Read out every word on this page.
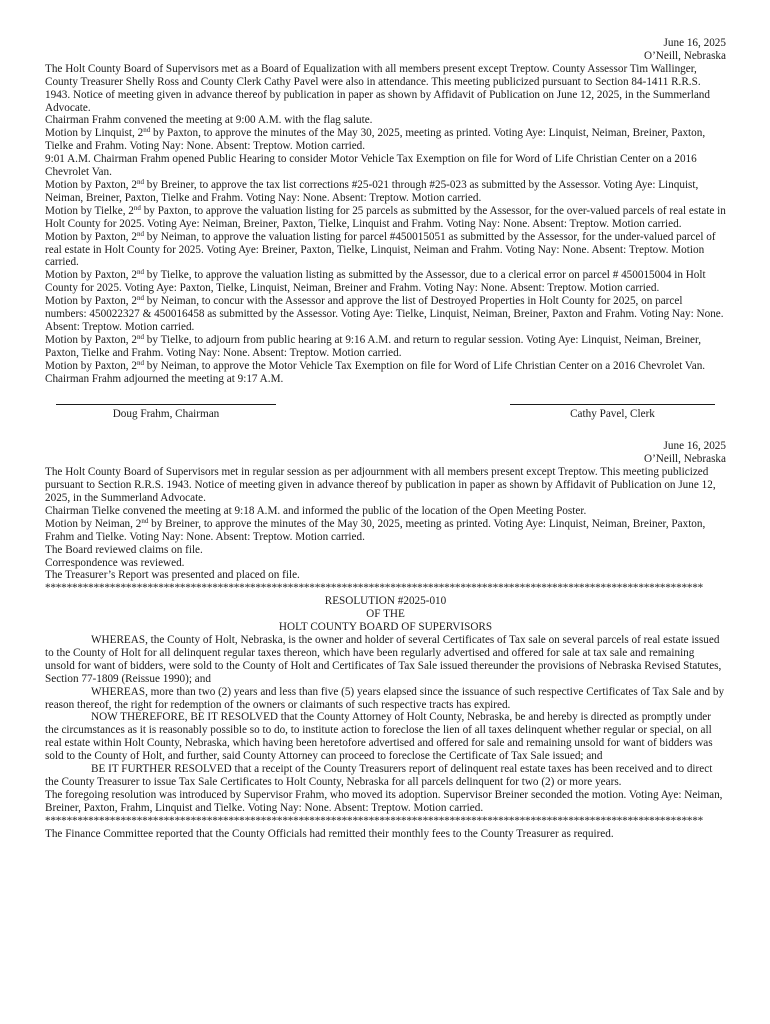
June 16, 2025

O’Neill, Nebraska

The Holt County Board of Supervisors met as a Board of Equalization with all members present except Treptow. County Assessor Tim Wallinger, County Treasurer Shelly Ross and County Clerk Cathy Pavel were also in attendance. This meeting publicized pursuant to Section 84-1411 R.R.S. 1943. Notice of meeting given in advance thereof by publication in paper as shown by Affidavit of Publication on June 12, 2025, in the Summerland Advocate.

Chairman Frahm convened the meeting at 9:00 A.M. with the flag salute.

Motion by Linquist, 2nd by Paxton, to approve the minutes of the May 30, 2025, meeting as printed. Voting Aye: Linquist, Neiman, Breiner, Paxton, Tielke and Frahm. Voting Nay: None. Absent: Treptow. Motion carried.

9:01 A.M. Chairman Frahm opened Public Hearing to consider Motor Vehicle Tax Exemption on file for Word of Life Christian Center on a 2016 Chevrolet Van.

Motion by Paxton, 2nd by Breiner, to approve the tax list corrections #25-021 through #25-023 as submitted by the Assessor. Voting Aye: Linquist, Neiman, Breiner, Paxton, Tielke and Frahm. Voting Nay: None. Absent: Treptow. Motion carried.

Motion by Tielke, 2nd by Paxton, to approve the valuation listing for 25 parcels as submitted by the Assessor, for the over-valued parcels of real estate in Holt County for 2025. Voting Aye: Neiman, Breiner, Paxton, Tielke, Linquist and Frahm. Voting Nay: None. Absent: Treptow. Motion carried.

Motion by Paxton, 2nd by Neiman, to approve the valuation listing for parcel #450015051 as submitted by the Assessor, for the under-valued parcel of real estate in Holt County for 2025. Voting Aye: Breiner, Paxton, Tielke, Linquist, Neiman and Frahm. Voting Nay: None. Absent: Treptow. Motion carried.

Motion by Paxton, 2nd by Tielke, to approve the valuation listing as submitted by the Assessor, due to a clerical error on parcel # 450015004 in Holt County for 2025. Voting Aye: Paxton, Tielke, Linquist, Neiman, Breiner and Frahm. Voting Nay: None. Absent: Treptow. Motion carried.

Motion by Paxton, 2nd by Neiman, to concur with the Assessor and approve the list of Destroyed Properties in Holt County for 2025, on parcel numbers: 450022327 & 450016458 as submitted by the Assessor. Voting Aye: Tielke, Linquist, Neiman, Breiner, Paxton and Frahm. Voting Nay: None. Absent: Treptow. Motion carried.

Motion by Paxton, 2nd by Tielke, to adjourn from public hearing at 9:16 A.M. and return to regular session. Voting Aye: Linquist, Neiman, Breiner, Paxton, Tielke and Frahm. Voting Nay: None. Absent: Treptow. Motion carried.

Motion by Paxton, 2nd by Neiman, to approve the Motor Vehicle Tax Exemption on file for Word of Life Christian Center on a 2016 Chevrolet Van.

Chairman Frahm adjourned the meeting at 9:17 A.M.

Doug Frahm, Chairman	Cathy Pavel, Clerk

June 16, 2025

O’Neill, Nebraska

The Holt County Board of Supervisors met in regular session as per adjournment with all members present except Treptow. This meeting publicized pursuant to Section R.R.S. 1943. Notice of meeting given in advance thereof by publication in paper as shown by Affidavit of Publication on June 12, 2025, in the Summerland Advocate.

Chairman Tielke convened the meeting at 9:18 A.M. and informed the public of the location of the Open Meeting Poster.

Motion by Neiman, 2nd by Breiner, to approve the minutes of the May 30, 2025, meeting as printed. Voting Aye: Linquist, Neiman, Breiner, Paxton, Frahm and Tielke. Voting Nay: None. Absent: Treptow. Motion carried.

The Board reviewed claims on file.

Correspondence was reviewed.

The Treasurer’s Report was presented and placed on file.

**************************************************************************************************************************

RESOLUTION #2025-010

OF THE

HOLT COUNTY BOARD OF SUPERVISORS

WHEREAS, the County of Holt, Nebraska, is the owner and holder of several Certificates of Tax sale on several parcels of real estate issued to the County of Holt for all delinquent regular taxes thereon, which have been regularly advertised and offered for sale at tax sale and remaining unsold for want of bidders, were sold to the County of Holt and Certificates of Tax Sale issued thereunder the provisions of Nebraska Revised Statutes, Section 77-1809 (Reissue 1990); and

WHEREAS, more than two (2) years and less than five (5) years elapsed since the issuance of such respective Certificates of Tax Sale and by reason thereof, the right for redemption of the owners or claimants of such respective tracts has expired.

NOW THEREFORE, BE IT RESOLVED that the County Attorney of Holt County, Nebraska, be and hereby is directed as promptly under the circumstances as it is reasonably possible so to do, to institute action to foreclose the lien of all taxes delinquent whether regular or special, on all real estate within Holt County, Nebraska, which having been heretofore advertised and offered for sale and remaining unsold for want of bidders was sold to the County of Holt, and further, said County Attorney can proceed to foreclose the Certificate of Tax Sale issued; and

BE IT FURTHER RESOLVED that a receipt of the County Treasurers report of delinquent real estate taxes has been received and to direct the County Treasurer to issue Tax Sale Certificates to Holt County, Nebraska for all parcels delinquent for two (2) or more years.

The foregoing resolution was introduced by Supervisor Frahm, who moved its adoption. Supervisor Breiner seconded the motion. Voting Aye: Neiman, Breiner, Paxton, Frahm, Linquist and Tielke. Voting Nay: None. Absent: Treptow. Motion carried.

**************************************************************************************************************************

The Finance Committee reported that the County Officials had remitted their monthly fees to the County Treasurer as required.
